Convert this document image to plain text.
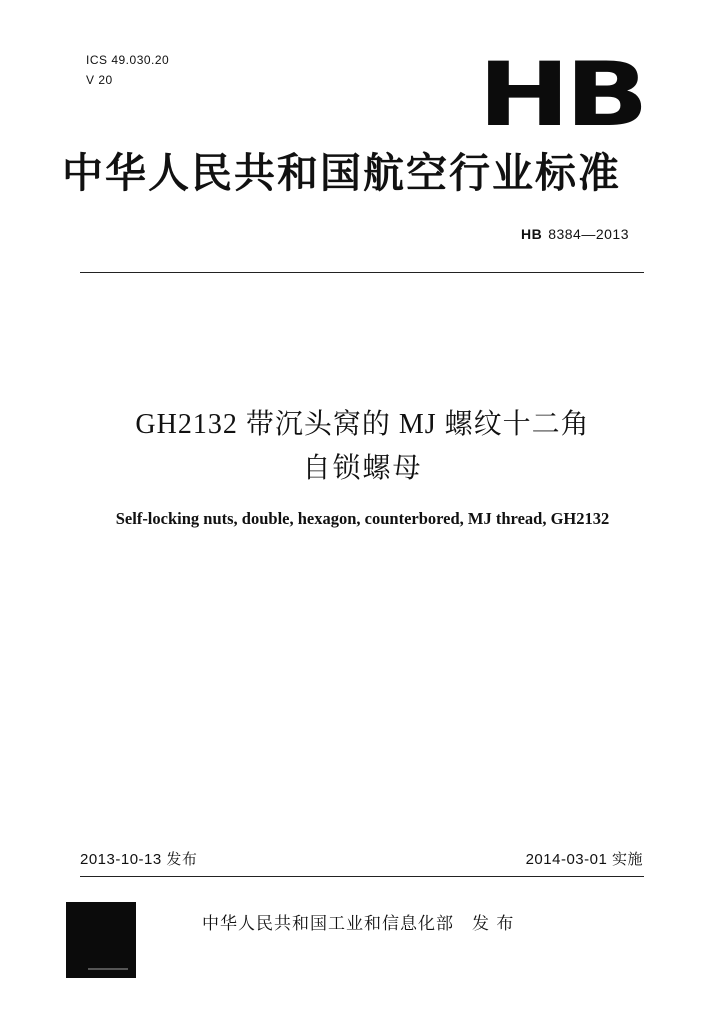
ICS 49.030.20
V 20	HB
中华人民共和国航空行业标准
HB 8384—2013
GH2132 带沉头窝的 MJ 螺纹十二角
自锁螺母
Self-locking nuts, double, hexagon, counterbored, MJ thread, GH2132
2013-10-13 发布	2014-03-01 实施
中华人民共和国工业和信息化部 发 布
